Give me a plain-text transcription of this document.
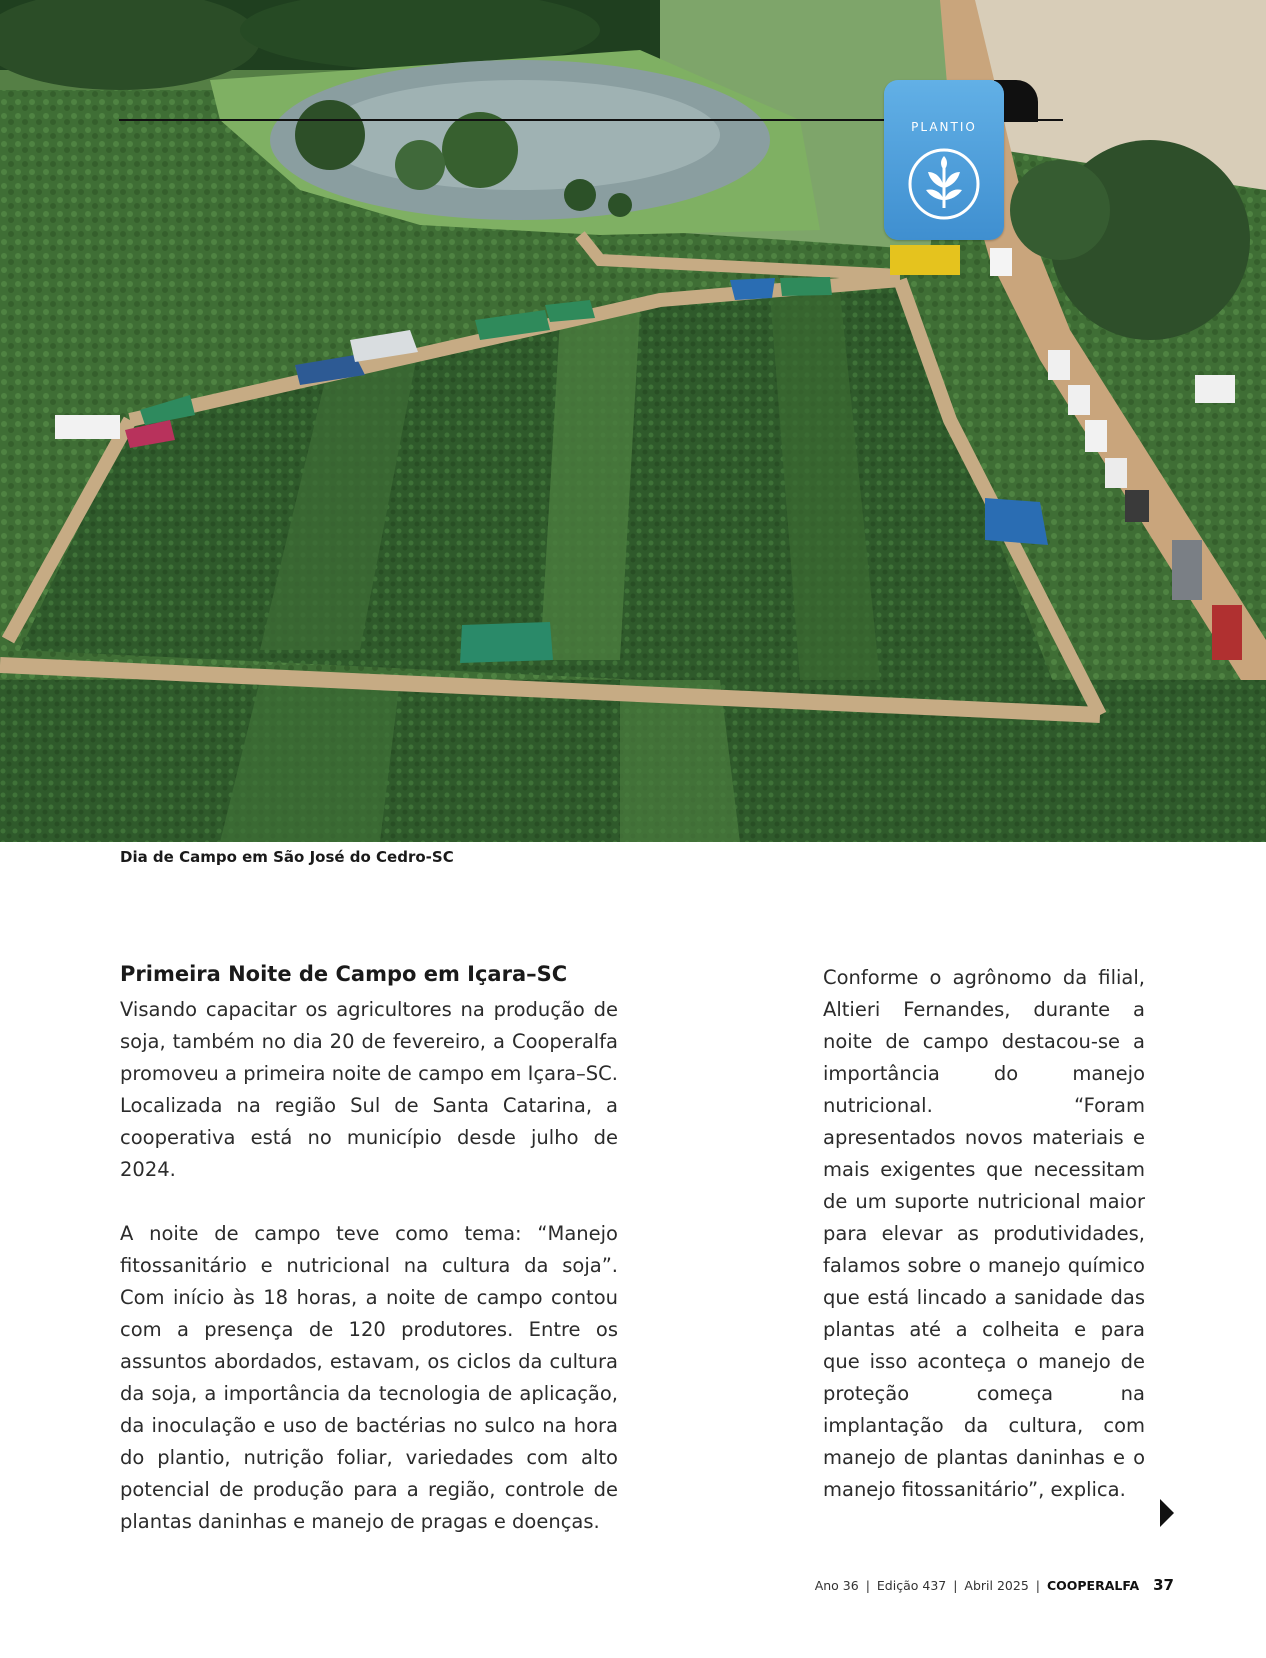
PLANTIO
Dia de Campo em São José do Cedro-SC
Primeira Noite de Campo em Içara–SC

Visando capacitar os agricultores na produção de soja, também no dia 20 de fevereiro, a Cooperalfa promoveu a primeira noite de campo em Içara–SC. Localizada na região Sul de Santa Catarina, a cooperativa está no município desde julho de 2024.

A noite de campo teve como tema: “Manejo fitossanitário e nutricional na cultura da soja”. Com início às 18 horas, a noite de campo contou com a presença de 120 produtores. Entre os assuntos abordados, estavam, os ciclos da cultura da soja, a importância da tecnologia de aplicação, da inoculação e uso de bactérias no sulco na hora do plantio, nutrição foliar, variedades com alto potencial de produção para a região, controle de plantas daninhas e manejo de pragas e doenças.

Conforme o agrônomo da filial, Altieri Fernandes, durante a noite de campo destacou-se a importância do manejo nutricional. “Foram apresentados novos materiais e mais exigentes que necessitam de um suporte nutricional maior para elevar as produtividades, falamos sobre o manejo químico que está lincado a sanidade das plantas até a colheita e para que isso aconteça o manejo de proteção começa na implantação da cultura, com manejo de plantas daninhas e o manejo fitossanitário”, explica.

Ano 36 | Edição 437 | Abril 2025 | COOPERALFA 37
